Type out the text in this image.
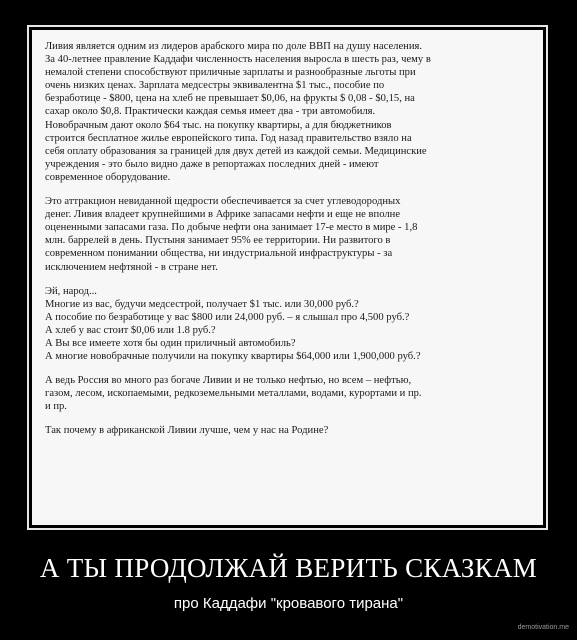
Ливия является одним из лидеров арабского мира по доле ВВП на душу населения.
За 40-летнее правление Каддафи численность населения выросла в шесть раз, чему в
немалой степени способствуют приличные зарплаты и разнообразные льготы при
очень низких ценах. Зарплата медсестры эквивалентна $1 тыс., пособие по
безработице - $800, цена на хлеб не превышает $0,06, на фрукты $ 0,08 - $0,15, на
сахар около $0,8. Практически каждая семья имеет два - три автомобиля.
Новобрачным дают около $64 тыс. на покупку квартиры, а для бюджетников
строится бесплатное жилье европейского типа. Год назад правительство взяло на
себя оплату образования за границей для двух детей из каждой семьи. Медицинские
учреждения - это было видно даже в репортажах последних дней - имеют
современное оборудование.

Это аттракцион невиданной щедрости обеспечивается за счет углеводородных
денег. Ливия владеет крупнейшими в Африке запасами нефти и еще не вполне
оцененными запасами газа. По добыче нефти она занимает 17-е место в мире - 1,8
млн. баррелей в день. Пустыня занимает 95% ее территории. Ни развитого в
современном понимании общества, ни индустриальной инфраструктуры - за
исключением нефтяной - в стране нет.

Эй, народ...
Многие из вас, будучи медсестрой, получает $1 тыс. или 30,000 руб.?
А пособие по безработице у вас $800 или 24,000 руб. – я слышал про 4,500 руб.?
А хлеб у вас стоит $0,06 или 1.8 руб.?
А Вы все имеете хотя бы один приличный автомобиль?
А многие новобрачные получили на покупку квартиры $64,000 или 1,900,000 руб.?

А ведь Россия во много раз богаче Ливии и не только нефтью, но всем – нефтью,
газом, лесом, ископаемыми, редкоземельными металлами, водами, курортами и пр.
и пр.

Так почему в африканской Ливии лучше, чем у нас на Родине?

А ТЫ ПРОДОЛЖАЙ ВЕРИТЬ СКАЗКАМ
про Каддафи "кровавого тирана"
demotivation.me
